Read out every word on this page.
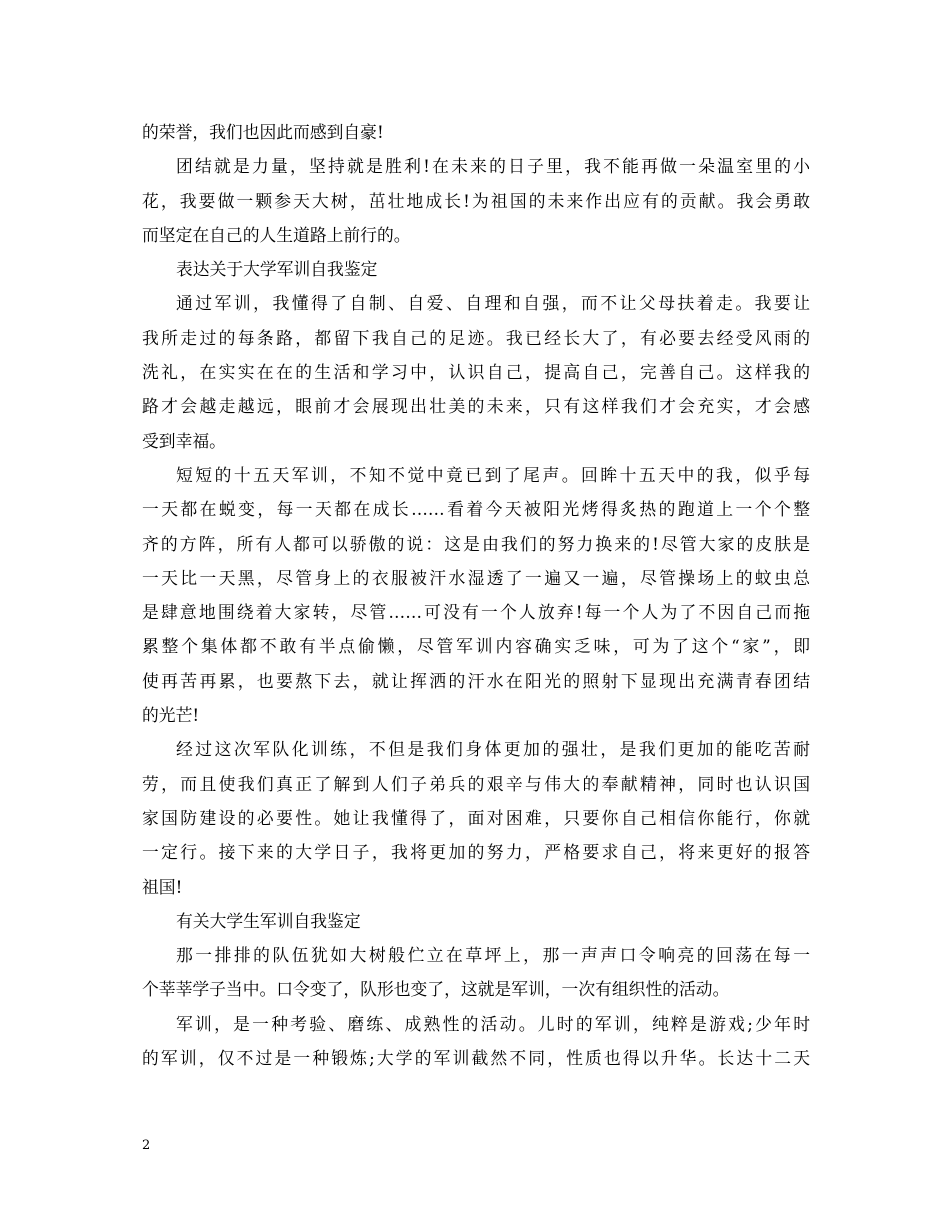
的荣誉，我们也因此而感到自豪!
团结就是力量，坚持就是胜利!在未来的日子里，我不能再做一朵温室里的小
花，我要做一颗参天大树，茁壮地成长!为祖国的未来作出应有的贡献。我会勇敢
而坚定在自己的人生道路上前行的。
表达关于大学军训自我鉴定
通过军训，我懂得了自制、自爱、自理和自强，而不让父母扶着走。我要让
我所走过的每条路，都留下我自己的足迹。我已经长大了，有必要去经受风雨的
洗礼，在实实在在的生活和学习中，认识自己，提高自己，完善自己。这样我的
路才会越走越远，眼前才会展现出壮美的未来，只有这样我们才会充实，才会感
受到幸福。
短短的十五天军训，不知不觉中竟已到了尾声。回眸十五天中的我，似乎每
一天都在蜕变，每一天都在成长……看着今天被阳光烤得炙热的跑道上一个个整
齐的方阵，所有人都可以骄傲的说：这是由我们的努力换来的!尽管大家的皮肤是
一天比一天黑，尽管身上的衣服被汗水湿透了一遍又一遍，尽管操场上的蚊虫总
是肆意地围绕着大家转，尽管……可没有一个人放弃!每一个人为了不因自己而拖
累整个集体都不敢有半点偷懒，尽管军训内容确实乏味，可为了这个“家”，即
使再苦再累，也要熬下去，就让挥洒的汗水在阳光的照射下显现出充满青春团结
的光芒!
经过这次军队化训练，不但是我们身体更加的强壮，是我们更加的能吃苦耐
劳，而且使我们真正了解到人们子弟兵的艰辛与伟大的奉献精神，同时也认识国
家国防建设的必要性。她让我懂得了，面对困难，只要你自己相信你能行，你就
一定行。接下来的大学日子，我将更加的努力，严格要求自己，将来更好的报答
祖国!
有关大学生军训自我鉴定
那一排排的队伍犹如大树般伫立在草坪上，那一声声口令响亮的回荡在每一
个莘莘学子当中。口令变了，队形也变了，这就是军训，一次有组织性的活动。
军训，是一种考验、磨练、成熟性的活动。儿时的军训，纯粹是游戏;少年时
的军训，仅不过是一种锻炼;大学的军训截然不同，性质也得以升华。长达十二天
2
